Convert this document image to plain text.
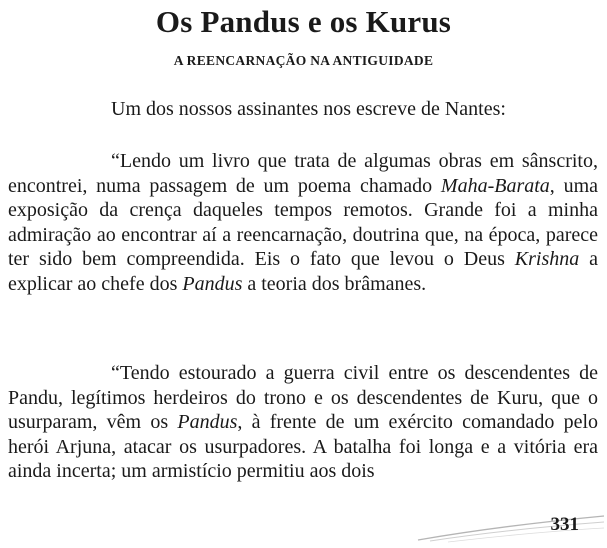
Os Pandus e os Kurus
A REENCARNAÇÃO NA ANTIGUIDADE
Um dos nossos assinantes nos escreve de Nantes:

“Lendo um livro que trata de algumas obras em sânscrito, encontrei, numa passagem de um poema chamado Maha-Barata, uma exposição da crença daqueles tempos remotos. Grande foi a minha admiração ao encontrar aí a reencarnação, doutrina que, na época, parece ter sido bem compreendida. Eis o fato que levou o Deus Krishna a explicar ao chefe dos Pandus a teoria dos brâmanes.

“Tendo estourado a guerra civil entre os descendentes de Pandu, legítimos herdeiros do trono e os descendentes de Kuru, que o usurparam, vêm os Pandus, à frente de um exército comandado pelo herói Arjuna, atacar os usurpadores. A batalha foi longa e a vitória era ainda incerta; um armistício permitiu aos dois

331
